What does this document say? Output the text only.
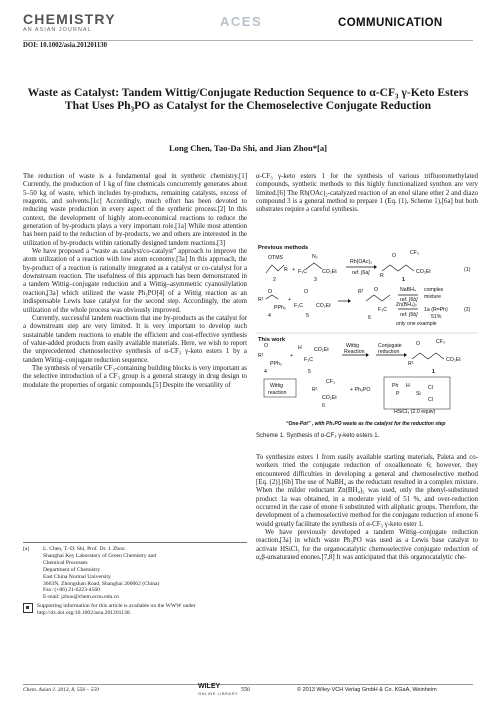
CHEMISTRY
AN ASIAN JOURNAL
ACES	COMMUNICATION
DOI: 10.1002/asia.201201130
Waste as Catalyst: Tandem Wittig/Conjugate Reduction Sequence to α-CF₃ γ-Keto Esters That Uses Ph₃PO as Catalyst for the Chemoselective Conjugate Reduction
Long Chen, Tao-Da Shi, and Jian Zhou*[a]

The reduction of waste is a fundamental goal in synthetic chemistry.[1] Currently, the production of 1 kg of fine chemicals concurrently generates about 5–50 kg of waste, which includes by-products, remaining catalysts, excess of reagents, and solvents.[1c] Accordingly, much effort has been devoted to reducing waste production in every aspect of the synthetic process.[2] In this context, the development of highly atom-economical reactions to reduce the generation of by-products plays a very important role.[1a] While most attention has been paid to the reduction of by-products, we and others are interested in the utilization of by-products within rationally designed tandem reactions.[3]

We have proposed a “waste as catalyst/co-catalyst” approach to improve the atom utilization of a reaction with low atom economy.[3a] In this approach, the by-product of a reaction is rationally integrated as a catalyst or co-catalyst for a downstream reaction. The usefulness of this approach has been demonstrated in a tandem Wittig–conjugate reduction and a Wittig–asymmetric cyanosilylation reaction,[3a] which utilized the waste Ph₃PO[4] of a Wittig reaction as an indispensable Lewis base catalyst for the second step. Accordingly, the atom utilization of the whole process was obviously improved.

Currently, successful tandem reactions that use by-products as the catalyst for a downstream step are very limited. It is very important to develop such sustainable tandem reactions to enable the efficient and cost-effective synthesis of value-added products from easily available materials. Here, we wish to report the unprecedented chemoselective synthesis of α-CF₃ γ-keto esters 1 by a tandem Wittig–conjugate reduction sequence.

The synthesis of versatile CF₃-containing building blocks is very important as the selective introduction of a CF₃ group is a general strategy in drug design to modulate the properties of organic compounds.[5] Despite the versatility of

[a] L. Chen, T.-D. Shi, Prof. Dr. J. Zhou
Shanghai Key Laboratory of Green Chemistry and
Chemical Processes
Department of Chemistry
East China Normal University
3663N, Zhongshan Road, Shanghai 200062 (China)
Fax: (+86) 21-6223-4560
E-mail: jzhou@chem.ecnu.edu.cn
Supporting information for this article is available on the WWW under http://dx.doi.org/10.1002/asia.201201130.

α-CF₃ γ-keto esters 1 for the synthesis of various trifluoromethylated compounds, synthetic methods to this highly functionalized synthon are very limited.[6] The Rh(OAc)₂-catalyzed reaction of an enol silane ether 2 and diazo compound 3 is a general method to prepare 1 (Eq. (1), Scheme 1),[6a] but both substrates require a careful synthesis.

Previous methods
OTMS
R
2
+
N₂
F₃C	CO₂Et
3
Rh(OAc)₂
ref. [6a]
O	CF₃
R
CO₂Et
1
(1)
R¹
O
PPh₃
4
+
O
F₃C CO₂Et
5
R¹ O
F₃C
6
NaBH₄
ref. [6b]
complex
mixture
Zn(BH₄)₂
ref. [6b]
1a (R=Ph)
51%
only one example
(2)
This work
R¹
O
PPh₃
4
+
H
F₃C
CO₂Et
5
Wittig
Reaction
Conjugate
reduction
O	CF₃
R¹
CO₂Et
1
Wittig
reaction	R¹
CF₃
CO₂Et
6
+ Ph₃PO
Ph H
P	Si
Cl
Cl
HSiCl₃ (2.0 equiv)
“One-Pot” , with Ph₃PO waste as the catalyst for the reduction step
Scheme 1. Synthesis of α-CF₃ γ-keto esters 1.

To synthesize esters 1 from easily available starting materials, Paleta and co-workers tried the conjugate reduction of oxoalkenoate 6; however, they encountered difficulties in developing a general and chemoselective method [Eq. (2)].[6b] The use of NaBH₄ as the reductant resulted in a complex mixture. When the milder reductant Zn(BH₄)₂ was used, only the phenyl-substituted product 1a was obtained, in a moderate yield of 51 %, and over-reduction occurred in the case of enone 6 substituted with aliphatic groups. Therefore, the development of a chemoselective method for the conjugate reduction of enone 6 would greatly facilitate the synthesis of α-CF₃ γ-keto ester 1.

We have previously developed a tandem Wittig–conjugate reduction reaction,[3a] in which waste Ph₃PO was used as a Lewis base catalyst to activate HSiCl₃ for the organocatalytic chemoselective conjugate reduction of α,β-unsaturated enones.[7,8] It was anticipated that this organocatalytic che-

Chem. Asian J. 2013, 8, 556 – 559	WILEY
ONLINE LIBRARY
556	© 2013 Wiley-VCH Verlag GmbH & Co. KGaA, Weinheim
